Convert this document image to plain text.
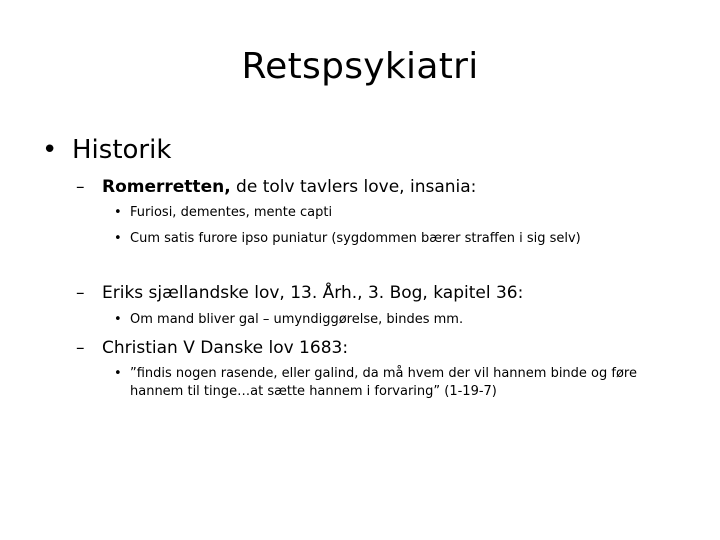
Retspsykiatri
• Historik
– Romerretten, de tolv tavlers love, insania:
• Furiosi, dementes, mente capti
• Cum satis furore ipso puniatur (sygdommen bærer straffen i sig selv)
– Eriks sjællandske lov, 13. Årh., 3. Bog, kapitel 36:
• Om mand bliver gal – umyndiggørelse, bindes mm.
– Christian V Danske lov 1683:
• ”findis nogen rasende, eller galind, da må hvem der vil hannem binde og føre hannem til tinge…at sætte hannem i forvaring” (1-19-7)
